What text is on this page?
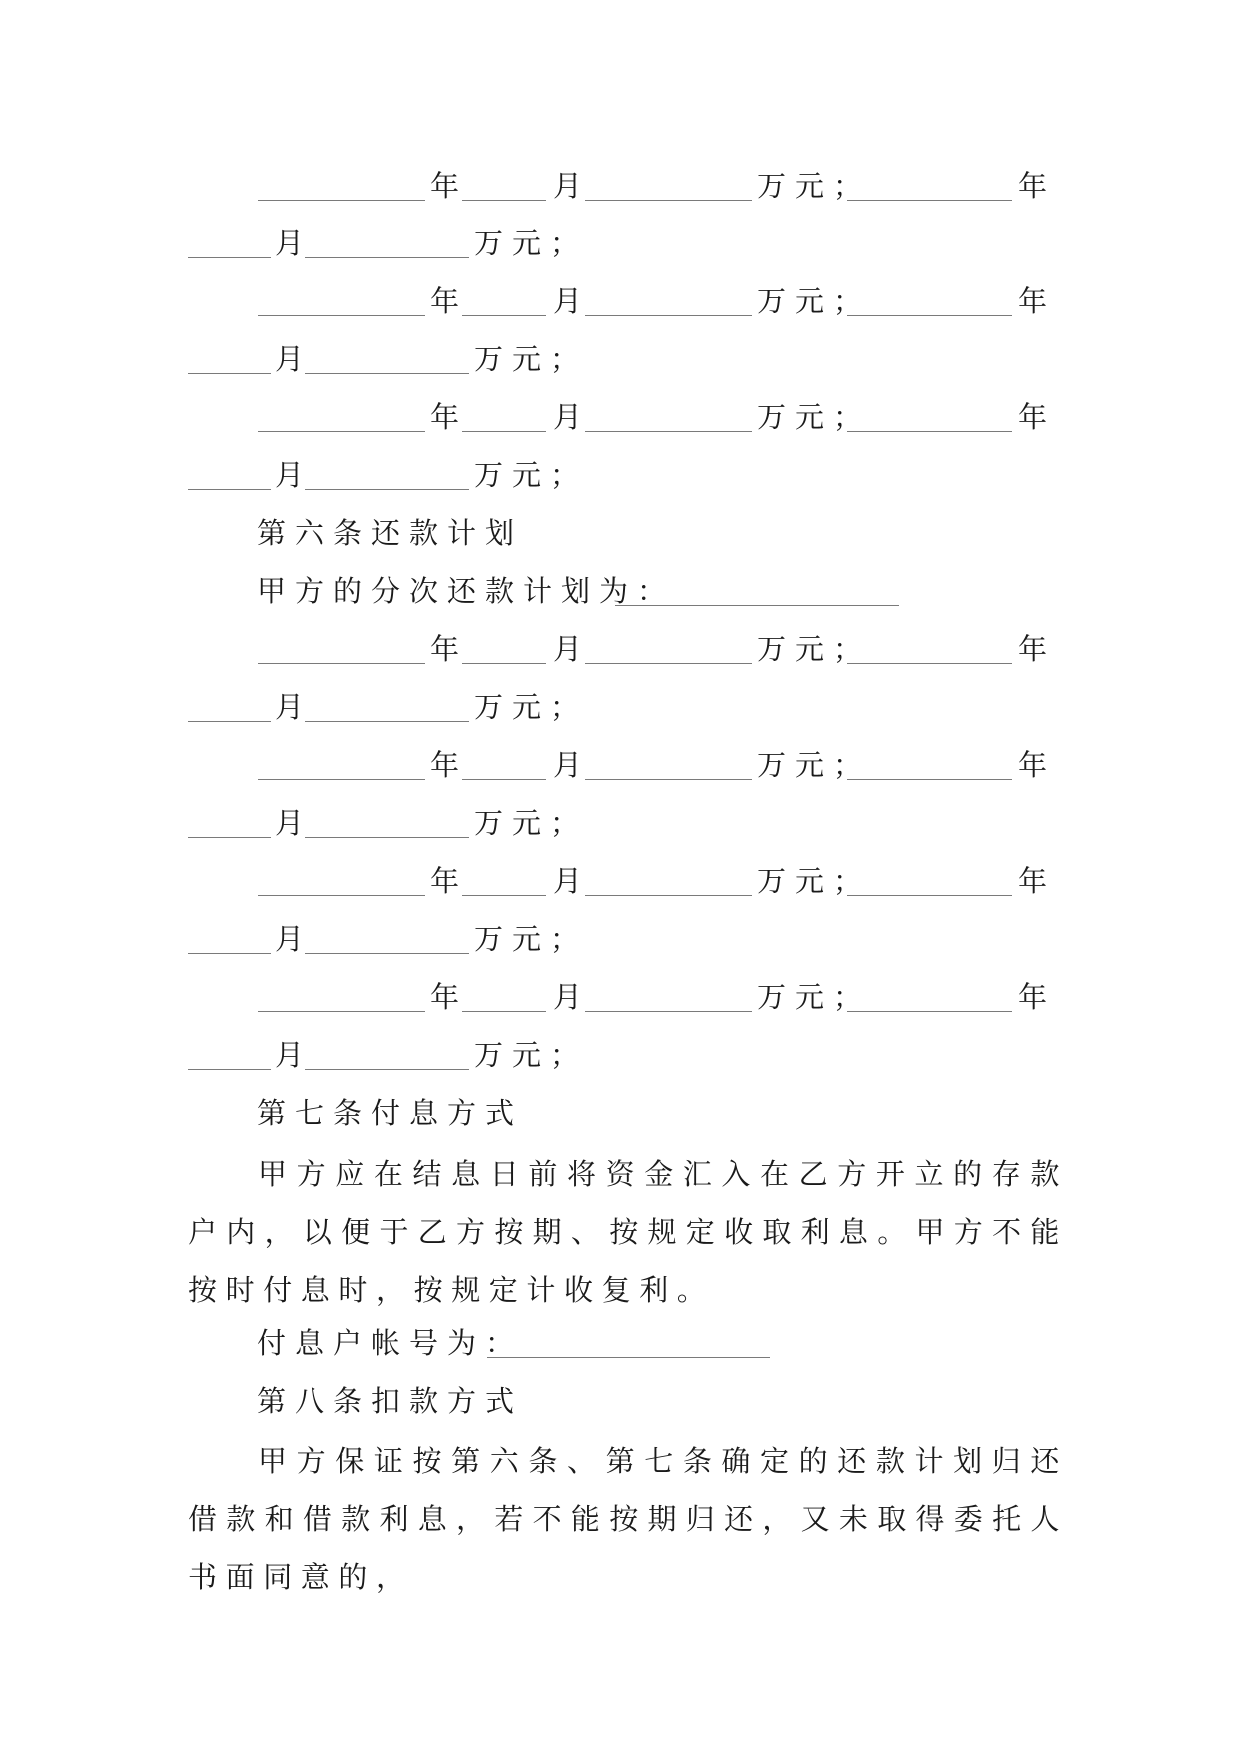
年	月	万元；	年
月	万元；
年	月	万元；	年
月	万元；
年	月	万元；	年
月	万元；
第六条还款计划
甲方的分次还款计划为：
年	月	万元；	年
月	万元；
年	月	万元；	年
月	万元；
年	月	万元；	年
月	万元；
年	月	万元；	年
月	万元；
第七条付息方式

甲方应在结息日前将资金汇入在乙方开立的存款户内，以便于乙方按期、按规定收取利息。甲方不能按时付息时，按规定计收复利。

付息户帐号为：
第八条扣款方式

甲方保证按第六条、第七条确定的还款计划归还借款和借款利息，若不能按期归还，又未取得委托人书面同意的，
